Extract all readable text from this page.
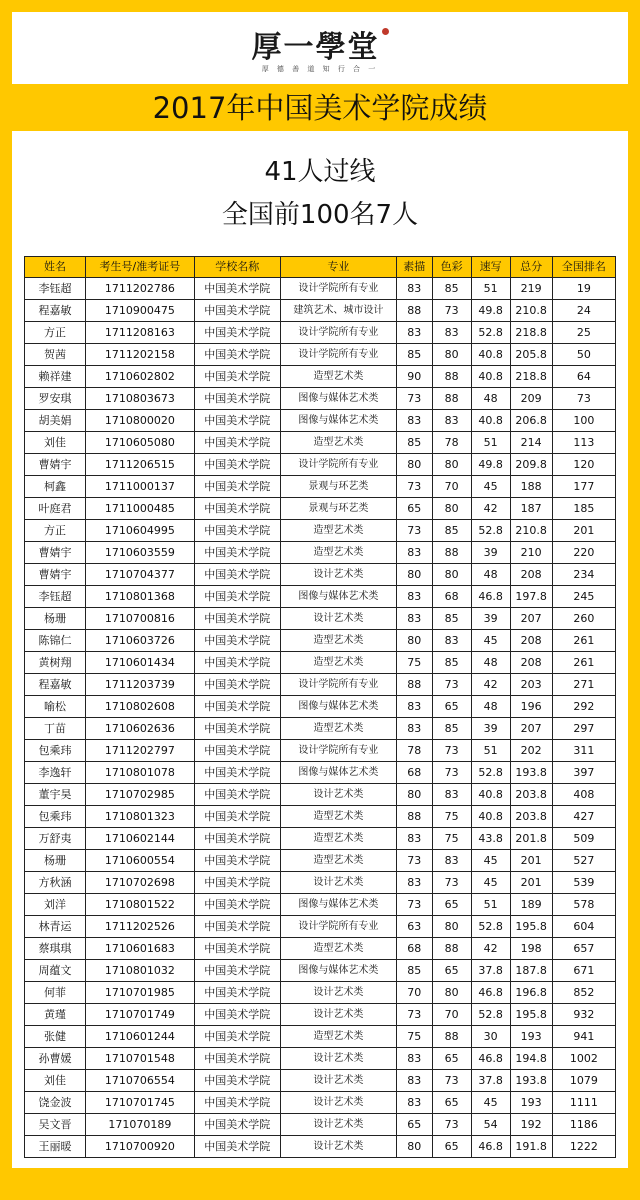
厚一學堂
厚 德 善 道 知 行 合 一
2017年中国美术学院成绩
41人过线
全国前100名7人
姓名	考生号/准考证号	学校名称	专业	素描	色彩	速写	总分	全国排名
李钰超	1711202786	中国美术学院	设计学院所有专业	83	85	51	219	19
程嘉敏	1710900475	中国美术学院	建筑艺术、城市设计	88	73	49.8	210.8	24
方正	1711208163	中国美术学院	设计学院所有专业	83	83	52.8	218.8	25
贺茜	1711202158	中国美术学院	设计学院所有专业	85	80	40.8	205.8	50
赖祥建	1710602802	中国美术学院	造型艺术类	90	88	40.8	218.8	64
罗安琪	1710803673	中国美术学院	图像与媒体艺术类	73	88	48	209	73
胡美娟	1710800020	中国美术学院	图像与媒体艺术类	83	83	40.8	206.8	100
刘佳	1710605080	中国美术学院	造型艺术类	85	78	51	214	113
曹婧宇	1711206515	中国美术学院	设计学院所有专业	80	80	49.8	209.8	120
柯鑫	1711000137	中国美术学院	景观与环艺类	73	70	45	188	177
叶庭君	1711000485	中国美术学院	景观与环艺类	65	80	42	187	185
方正	1710604995	中国美术学院	造型艺术类	73	85	52.8	210.8	201
曹婧宇	1710603559	中国美术学院	造型艺术类	83	88	39	210	220
曹婧宇	1710704377	中国美术学院	设计艺术类	80	80	48	208	234
李钰超	1710801368	中国美术学院	图像与媒体艺术类	83	68	46.8	197.8	245
杨珊	1710700816	中国美术学院	设计艺术类	83	85	39	207	260
陈锦仁	1710603726	中国美术学院	造型艺术类	80	83	45	208	261
黄树翔	1710601434	中国美术学院	造型艺术类	75	85	48	208	261
程嘉敏	1711203739	中国美术学院	设计学院所有专业	88	73	42	203	271
喻松	1710802608	中国美术学院	图像与媒体艺术类	83	65	48	196	292
丁苗	1710602636	中国美术学院	造型艺术类	83	85	39	207	297
包乘玮	1711202797	中国美术学院	设计学院所有专业	78	73	51	202	311
李逸轩	1710801078	中国美术学院	图像与媒体艺术类	68	73	52.8	193.8	397
董宇昊	1710702985	中国美术学院	设计艺术类	80	83	40.8	203.8	408
包乘玮	1710801323	中国美术学院	造型艺术类	88	75	40.8	203.8	427
万舒夷	1710602144	中国美术学院	造型艺术类	83	75	43.8	201.8	509
杨珊	1710600554	中国美术学院	造型艺术类	73	83	45	201	527
方秋涵	1710702698	中国美术学院	设计艺术类	83	73	45	201	539
刘洋	1710801522	中国美术学院	图像与媒体艺术类	73	65	51	189	578
林青运	1711202526	中国美术学院	设计学院所有专业	63	80	52.8	195.8	604
蔡琪琪	1710601683	中国美术学院	造型艺术类	68	88	42	198	657
周蕴文	1710801032	中国美术学院	图像与媒体艺术类	85	65	37.8	187.8	671
何菲	1710701985	中国美术学院	设计艺术类	70	80	46.8	196.8	852
黄瑾	1710701749	中国美术学院	设计艺术类	73	70	52.8	195.8	932
张健	1710601244	中国美术学院	造型艺术类	75	88	30	193	941
孙曹媛	1710701548	中国美术学院	设计艺术类	83	65	46.8	194.8	1002
刘佳	1710706554	中国美术学院	设计艺术类	83	73	37.8	193.8	1079
饶金波	1710701745	中国美术学院	设计艺术类	83	65	45	193	1111
吴文晋	171070189	中国美术学院	设计艺术类	65	73	54	192	1186
王丽暖	1710700920	中国美术学院	设计艺术类	80	65	46.8	191.8	1222
